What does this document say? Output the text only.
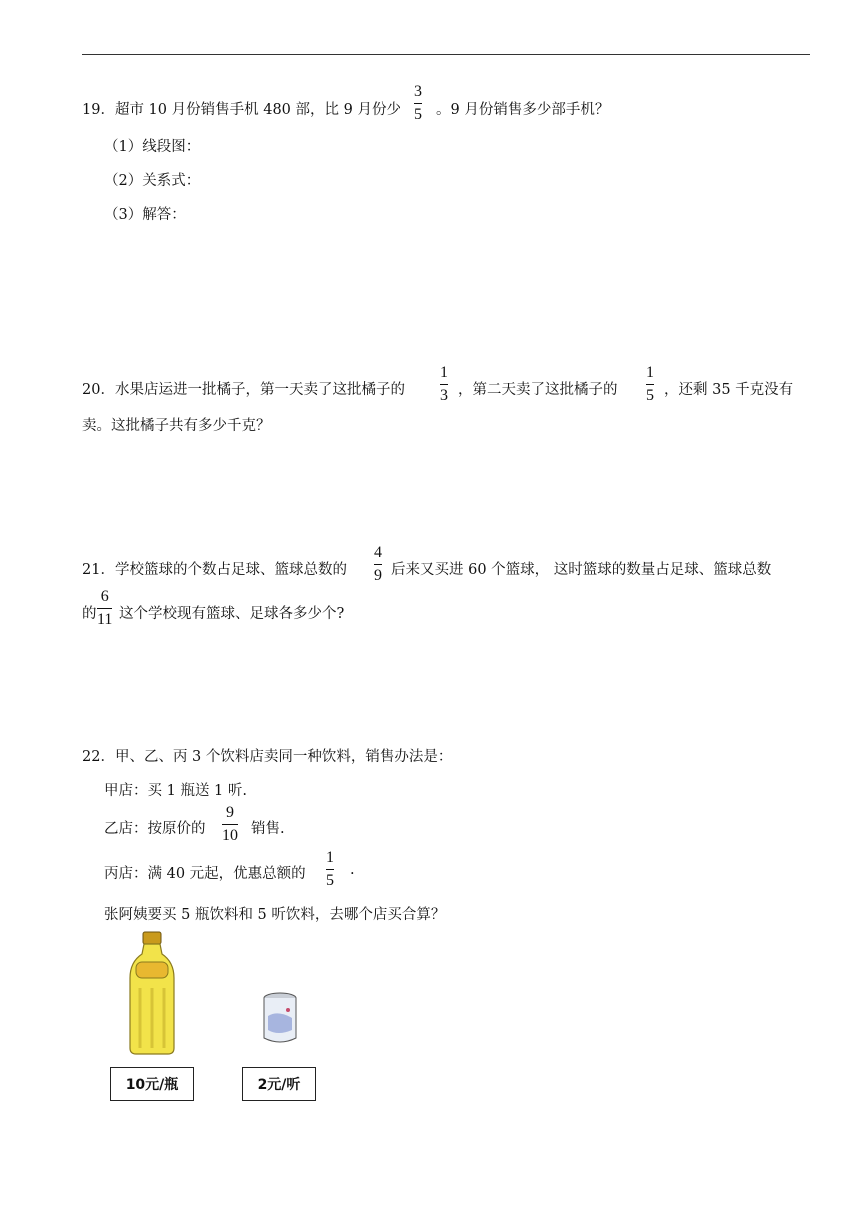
19．超市 10 月份销售手机 480 部，比 9 月份少
3
5 。9 月份销售多少部手机？
（1）线段图：
（2）关系式：
（3）解答：
20．水果店运进一批橘子，第一天卖了这批橘子的
1
3 ，第二天卖了这批橘子的
1
5 ，还剩 35 千克没有
卖。这批橘子共有多少千克？
21．学校篮球的个数占足球、篮球总数的
4
9 后来又买进 60 个篮球， 这时篮球的数量占足球、篮球总数
的
6
11 这个学校现有篮球、足球各多少个?
22．甲、乙、丙 3 个饮料店卖同一种饮料，销售办法是：
甲店：买 1 瓶送 1 听.
乙店：按原价的
9
10 销售.
丙店：满 40 元起，优惠总额的
1
5
.
张阿姨要买 5 瓶饮料和 5 听饮料，去哪个店买合算？
10元/瓶	2元/听
